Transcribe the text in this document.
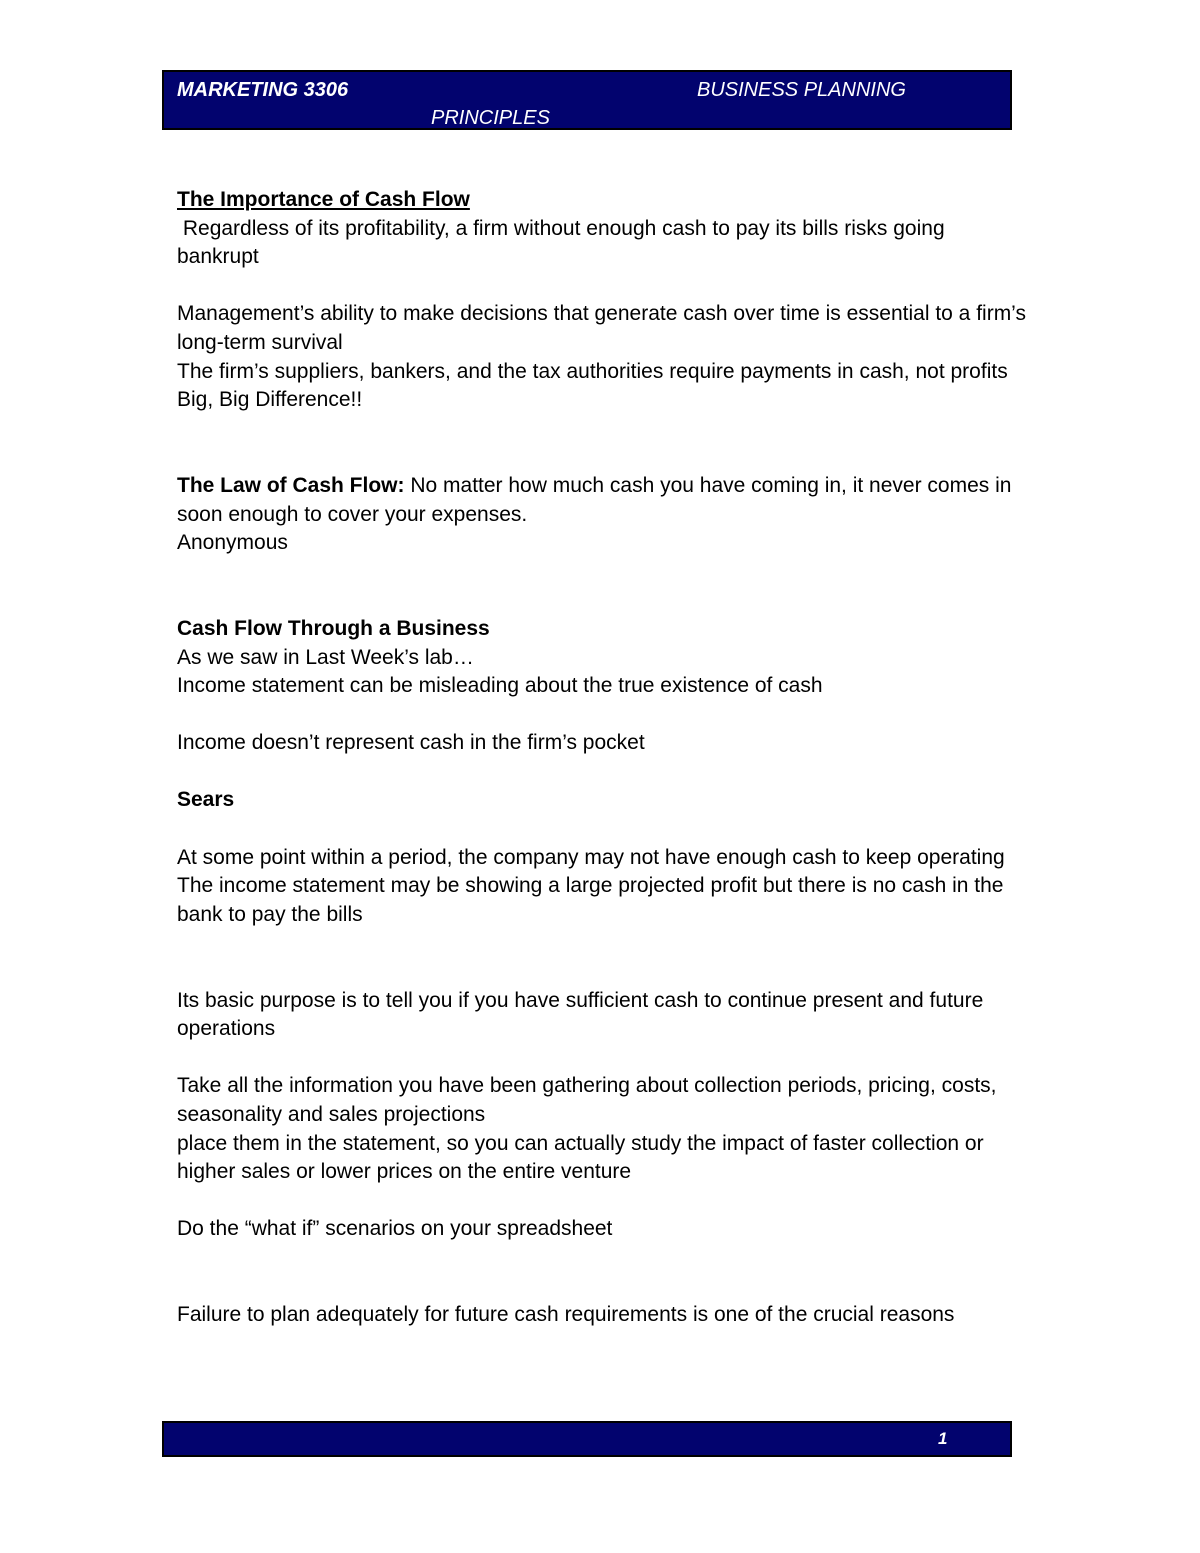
MARKETING 3306	BUSINESS PLANNING
PRINCIPLES

The Importance of Cash Flow

Regardless of its profitability, a firm without enough cash to pay its bills risks going bankrupt

Management’s ability to make decisions that generate cash over time is essential to a firm’s long-term survival

The firm’s suppliers, bankers, and the tax authorities require payments in cash, not profits

Big, Big Difference!!

The Law of Cash Flow: No matter how much cash you have coming in, it never comes in soon enough to cover your expenses.

Anonymous

Cash Flow Through a Business

As we saw in Last Week’s lab…

Income statement can be misleading about the true existence of cash

Income doesn’t represent cash in the firm’s pocket

Sears

At some point within a period, the company may not have enough cash to keep operating

The income statement may be showing a large projected profit but there is no cash in the bank to pay the bills

Its basic purpose is to tell you if you have sufficient cash to continue present and future operations

Take all the information you have been gathering about collection periods, pricing, costs, seasonality and sales projections

place them in the statement, so you can actually study the impact of faster collection or higher sales or lower prices on the entire venture

Do the “what if” scenarios on your spreadsheet

Failure to plan adequately for future cash requirements is one of the crucial reasons

1
